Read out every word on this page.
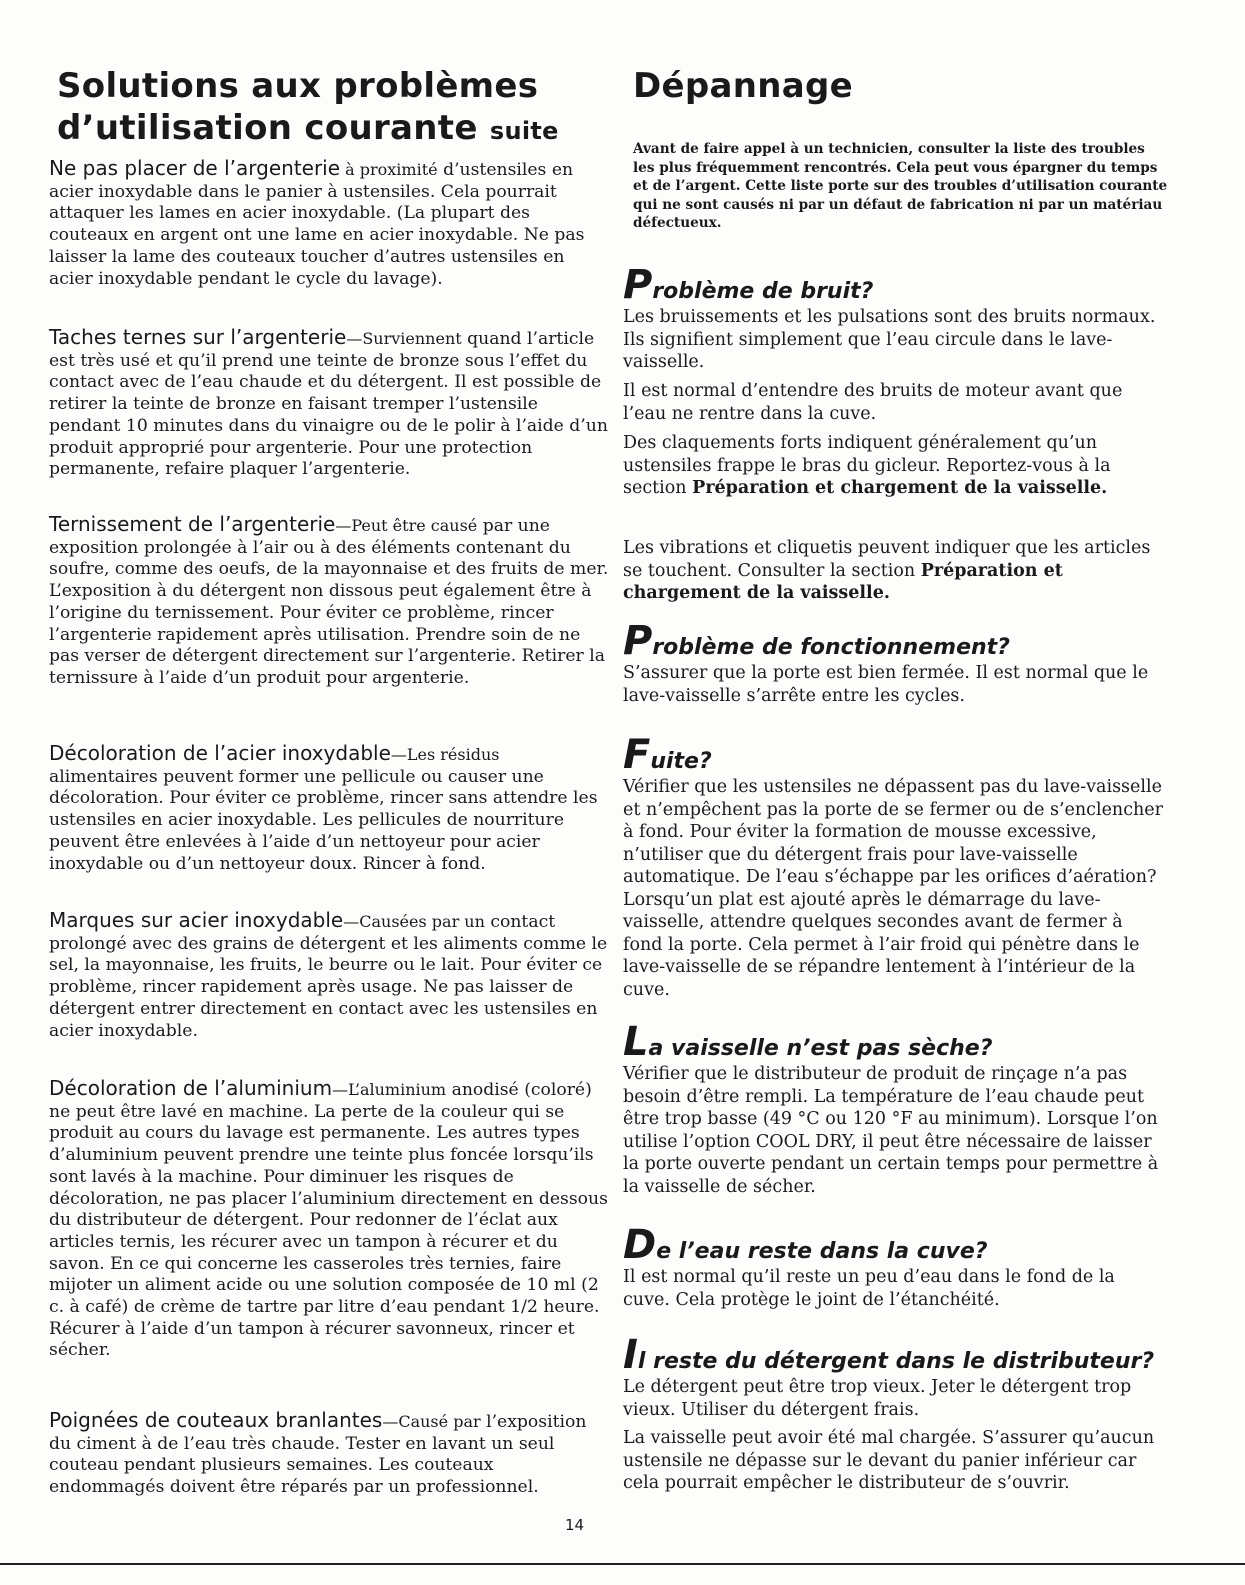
Solutions aux problèmes
d’utilisation courante suite

Ne pas placer de l’argenterie à proximité d’ustensiles en acier inoxydable dans le panier à ustensiles. Cela pourrait attaquer les lames en acier inoxydable. (La plupart des couteaux en argent ont une lame en acier inoxydable. Ne pas laisser la lame des couteaux toucher d’autres ustensiles en acier inoxydable pendant le cycle du lavage).

Taches ternes sur l’argenterie—Surviennent quand l’article est très usé et qu’il prend une teinte de bronze sous l’effet du contact avec de l’eau chaude et du détergent. Il est possible de retirer la teinte de bronze en faisant tremper l’ustensile pendant 10 minutes dans du vinaigre ou de le polir à l’aide d’un produit approprié pour argenterie. Pour une protection permanente, refaire plaquer l’argenterie.

Ternissement de l’argenterie—Peut être causé par une exposition prolongée à l’air ou à des éléments contenant du soufre, comme des oeufs, de la mayonnaise et des fruits de mer. L’exposition à du détergent non dissous peut également être à l’origine du ternissement. Pour éviter ce problème, rincer l’argenterie rapidement après utilisation. Prendre soin de ne pas verser de détergent directement sur l’argenterie. Retirer la ternissure à l’aide d’un produit pour argenterie.

Décoloration de l’acier inoxydable—Les résidus alimentaires peuvent former une pellicule ou causer une décoloration. Pour éviter ce problème, rincer sans attendre les ustensiles en acier inoxydable. Les pellicules de nourriture peuvent être enlevées à l’aide d’un nettoyeur pour acier inoxydable ou d’un nettoyeur doux. Rincer à fond.

Marques sur acier inoxydable—Causées par un contact prolongé avec des grains de détergent et les aliments comme le sel, la mayonnaise, les fruits, le beurre ou le lait. Pour éviter ce problème, rincer rapidement après usage. Ne pas laisser de détergent entrer directement en contact avec les ustensiles en acier inoxydable.

Décoloration de l’aluminium—L’aluminium anodisé (coloré) ne peut être lavé en machine. La perte de la couleur qui se produit au cours du lavage est permanente. Les autres types d’aluminium peuvent prendre une teinte plus foncée lorsqu’ils sont lavés à la machine. Pour diminuer les risques de décoloration, ne pas placer l’aluminium directement en dessous du distributeur de détergent. Pour redonner de l’éclat aux articles ternis, les récurer avec un tampon à récurer et du savon. En ce qui concerne les casseroles très ternies, faire mijoter un aliment acide ou une solution composée de 10 ml (2 c. à café) de crème de tartre par litre d’eau pendant 1/2 heure. Récurer à l’aide d’un tampon à récurer savonneux, rincer et sécher.

Poignées de couteaux branlantes—Causé par l’exposition du ciment à de l’eau très chaude. Tester en lavant un seul couteau pendant plusieurs semaines. Les couteaux endommagés doivent être réparés par un professionnel.

Dépannage

Avant de faire appel à un technicien, consulter la liste des troubles les plus fréquemment rencontrés. Cela peut vous épargner du temps et de l’argent. Cette liste porte sur des troubles d’utilisation courante qui ne sont causés ni par un défaut de fabrication ni par un matériau défectueux.

Problème de bruit?

Les bruissements et les pulsations sont des bruits normaux. Ils signifient simplement que l’eau circule dans le lave-vaisselle.

Il est normal d’entendre des bruits de moteur avant que l’eau ne rentre dans la cuve.

Des claquements forts indiquent généralement qu’un ustensiles frappe le bras du gicleur. Reportez-vous à la section Préparation et chargement de la vaisselle.

Les vibrations et cliquetis peuvent indiquer que les articles se touchent. Consulter la section Préparation et chargement de la vaisselle.

Problème de fonctionnement?

S’assurer que la porte est bien fermée. Il est normal que le lave-vaisselle s’arrête entre les cycles.

Fuite?

Vérifier que les ustensiles ne dépassent pas du lave-vaisselle et n’empêchent pas la porte de se fermer ou de s’enclencher à fond. Pour éviter la formation de mousse excessive, n’utiliser que du détergent frais pour lave-vaisselle automatique. De l’eau s’échappe par les orifices d’aération? Lorsqu’un plat est ajouté après le démarrage du lave-vaisselle, attendre quelques secondes avant de fermer à fond la porte. Cela permet à l’air froid qui pénètre dans le lave-vaisselle de se répandre lentement à l’intérieur de la cuve.

La vaisselle n’est pas sèche?

Vérifier que le distributeur de produit de rinçage n’a pas besoin d’être rempli. La température de l’eau chaude peut être trop basse (49 °C ou 120 °F au minimum). Lorsque l’on utilise l’option COOL DRY, il peut être nécessaire de laisser la porte ouverte pendant un certain temps pour permettre à la vaisselle de sécher.

De l’eau reste dans la cuve?

Il est normal qu’il reste un peu d’eau dans le fond de la cuve. Cela protège le joint de l’étanchéité.

Il reste du détergent dans le distributeur?

Le détergent peut être trop vieux. Jeter le détergent trop vieux. Utiliser du détergent frais.

La vaisselle peut avoir été mal chargée. S’assurer qu’aucun ustensile ne dépasse sur le devant du panier inférieur car cela pourrait empêcher le distributeur de s’ouvrir.

14
